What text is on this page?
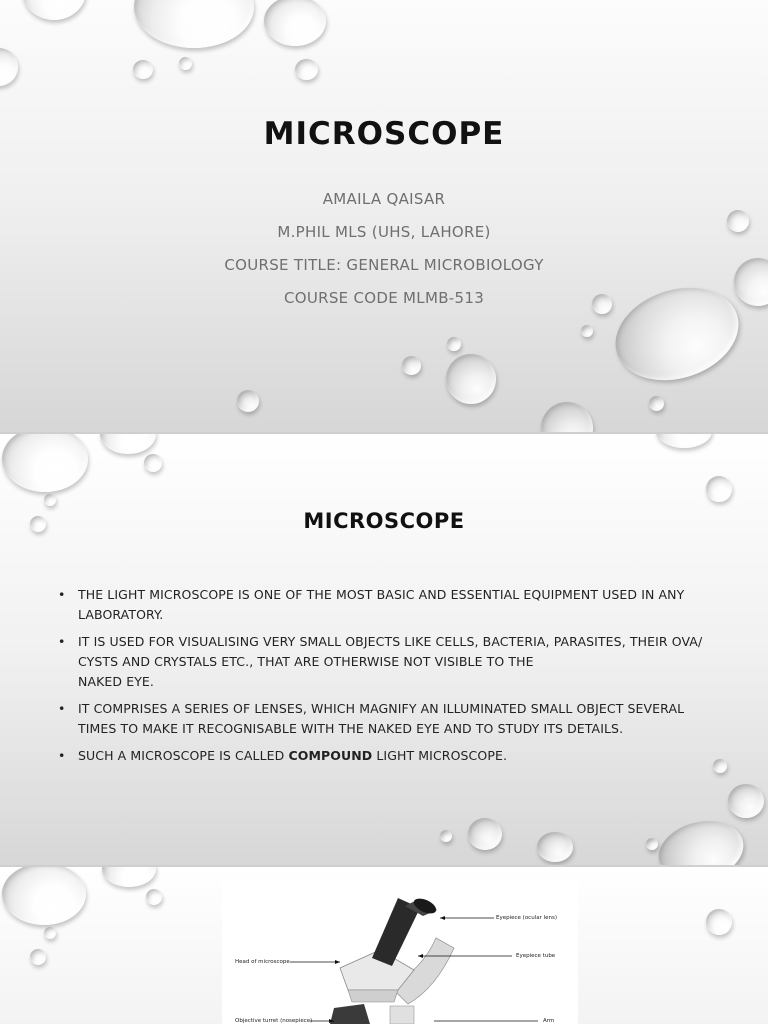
MICROSCOPE
AMAILA QAISAR
M.PHIL MLS (UHS, LAHORE)
COURSE TITLE: GENERAL MICROBIOLOGY
COURSE CODE MLMB-513
MICROSCOPE
• THE LIGHT MICROSCOPE IS ONE OF THE MOST BASIC AND ESSENTIAL EQUIPMENT USED IN ANY LABORATORY.
• IT IS USED FOR VISUALISING VERY SMALL OBJECTS LIKE CELLS, BACTERIA, PARASITES, THEIR OVA/ CYSTS AND CRYSTALS ETC., THAT ARE OTHERWISE NOT VISIBLE TO THE
NAKED EYE.
• IT COMPRISES A SERIES OF LENSES, WHICH MAGNIFY AN ILLUMINATED SMALL OBJECT SEVERAL TIMES TO MAKE IT RECOGNISABLE WITH THE NAKED EYE AND TO STUDY ITS DETAILS.
• SUCH A MICROSCOPE IS CALLED COMPOUND LIGHT MICROSCOPE.
Eyepiece (ocular lens)
Eyepiece tube
Head of microscope
Objective turret (nosepiece)	Arm
